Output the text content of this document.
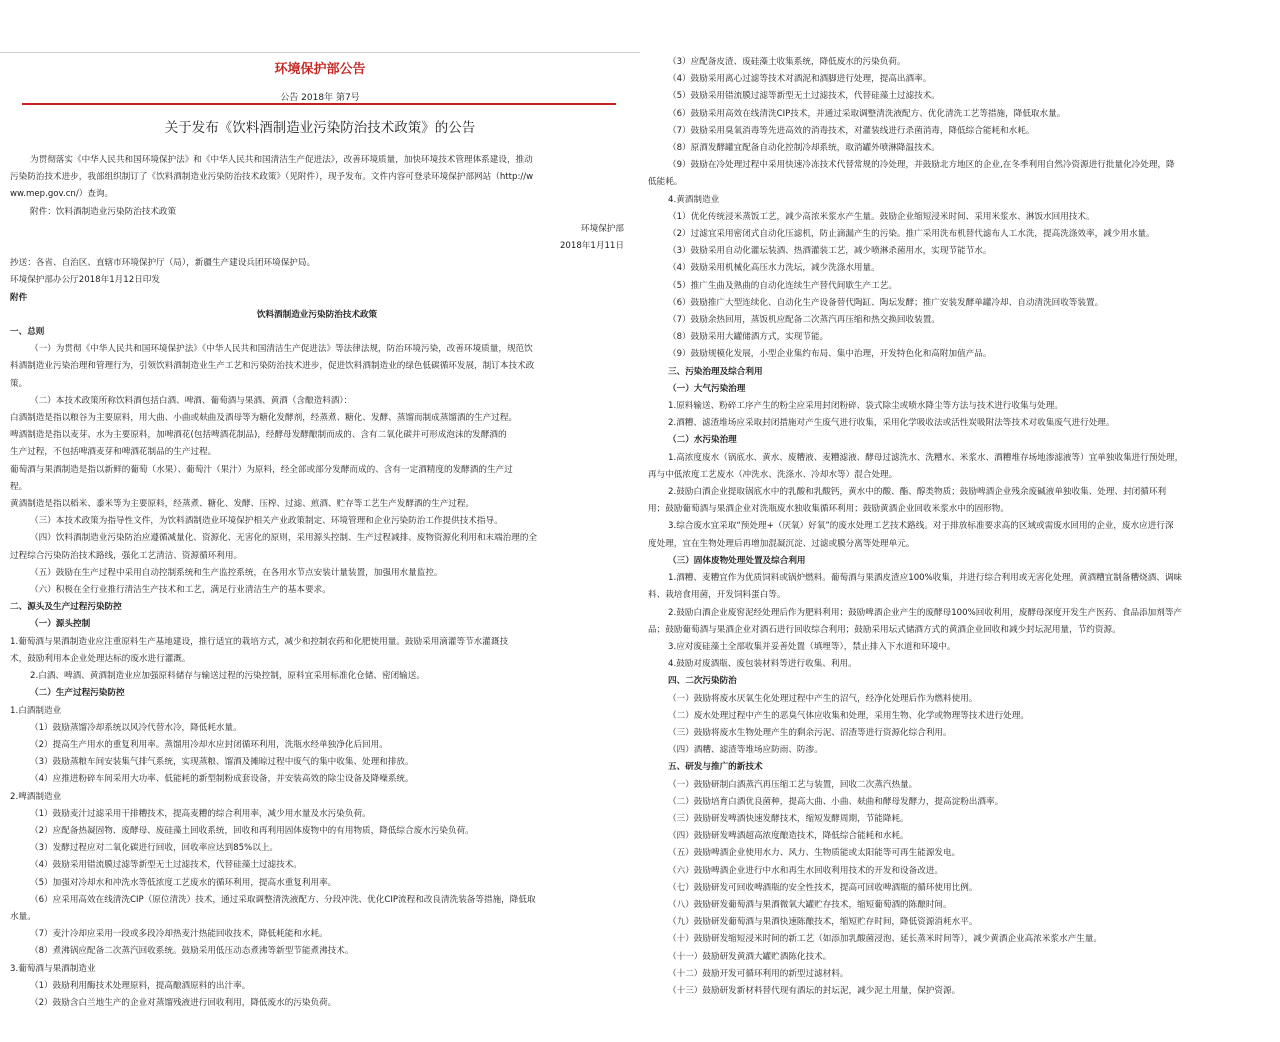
环境保护部公告
公告 2018年 第7号
关于发布《饮料酒制造业污染防治技术政策》的公告

为贯彻落实《中华人民共和国环境保护法》和《中华人民共和国清洁生产促进法》，改善环境质量，加快环境技术管理体系建设，推动

污染防治技术进步，我部组织制订了《饮料酒制造业污染防治技术政策》（见附件），现予发布。文件内容可登录环境保护部网站（http://w

ww.mep.gov.cn/）查询。

附件：饮料酒制造业污染防治技术政策

环境保护部

2018年1月11日

抄送：各省、自治区、直辖市环境保护厅（局），新疆生产建设兵团环境保护局。

环境保护部办公厅2018年1月12日印发

附件

饮料酒制造业污染防治技术政策

一、总则

（一）为贯彻《中华人民共和国环境保护法》《中华人民共和国清洁生产促进法》等法律法规，防治环境污染，改善环境质量，规范饮

料酒制造业污染治理和管理行为，引领饮料酒制造业生产工艺和污染防治技术进步，促进饮料酒制造业的绿色低碳循环发展，制订本技术政

策。

（二）本技术政策所称饮料酒包括白酒、啤酒、葡萄酒与果酒、黄酒（含酿造料酒）：

白酒制造是指以粮谷为主要原料，用大曲、小曲或麸曲及酒母等为糖化发酵剂，经蒸煮、糖化、发酵、蒸馏而制成蒸馏酒的生产过程。

啤酒制造是指以麦芽、水为主要原料，加啤酒花(包括啤酒花制品)，经酵母发酵酿制而成的、含有二氧化碳并可形成泡沫的发酵酒的

生产过程，不包括啤酒麦芽和啤酒花制品的生产过程。

葡萄酒与果酒制造是指以新鲜的葡萄（水果）、葡萄汁（果汁）为原料，经全部或部分发酵而成的、含有一定酒精度的发酵酒的生产过

程。

黄酒制造是指以稻米、黍米等为主要原料，经蒸煮、糖化、发酵、压榨、过滤、煎酒、贮存等工艺生产发酵酒的生产过程。

（三）本技术政策为指导性文件，为饮料酒制造业环境保护相关产业政策制定、环境管理和企业污染防治工作提供技术指导。

（四）饮料酒制造业污染防治应遵循减量化、资源化、无害化的原则，采用源头控制、生产过程减排、废物资源化利用和末端治理的全

过程综合污染防治技术路线，强化工艺清洁、资源循环利用。

（五）鼓励在生产过程中采用自动控制系统和生产监控系统，在各用水节点安装计量装置，加强用水量监控。

（六）积极在全行业推行清洁生产技术和工艺，满足行业清洁生产的基本要求。

二、源头及生产过程污染防控

（一）源头控制

1.葡萄酒与果酒制造业应注重原料生产基地建设，推行适宜的栽培方式，减少和控制农药和化肥使用量。鼓励采用滴灌等节水灌溉技

术，鼓励利用本企业处理达标的废水进行灌溉。

2.白酒、啤酒、黄酒制造业应加强原料储存与输送过程的污染控制，原料宜采用标准化仓储、密闭输送。

（二）生产过程污染防控

1.白酒制造业

（1）鼓励蒸馏冷却系统以风冷代替水冷，降低耗水量。

（2）提高生产用水的重复利用率。蒸馏用冷却水应封闭循环利用，洗瓶水经单独净化后回用。

（3）鼓励蒸粮车间安装集气排气系统，实现蒸粮、馏酒及摊晾过程中废气的集中收集、处理和排放。

（4）应推进粉碎车间采用大功率、低能耗的新型制粉成套设备，并安装高效的除尘设备及降噪系统。

2.啤酒制造业

（1）鼓励麦汁过滤采用干排糟技术，提高麦糟的综合利用率，减少用水量及水污染负荷。

（2）应配备热凝固物、废酵母、废硅藻土回收系统，回收和再利用固体废物中的有用物质，降低综合废水污染负荷。

（3）发酵过程应对二氧化碳进行回收，回收率应达到85%以上。

（4）鼓励采用错流膜过滤等新型无土过滤技术，代替硅藻土过滤技术。

（5）加强对冷却水和冲洗水等低浓度工艺废水的循环利用，提高水重复利用率。

（6）应采用高效在线清洗CIP（原位清洗）技术，通过采取调整清洗液配方、分段冲洗、优化CIP流程和改良清洗装备等措施，降低取

水量。

（7）麦汁冷却应采用一段或多段冷却热麦汁热能回收技术，降低耗能和水耗。

（8）煮沸锅应配备二次蒸汽回收系统。鼓励采用低压动态煮沸等新型节能煮沸技术。

3.葡萄酒与果酒制造业

（1）鼓励利用酶技术处理原料，提高酿酒原料的出汁率。

（2）鼓励含白兰地生产的企业对蒸馏残液进行回收利用，降低废水的污染负荷。

（3）应配备皮渣、废硅藻土收集系统，降低废水的污染负荷。

（4）鼓励采用离心过滤等技术对酒泥和酒脚进行处理，提高出酒率。

（5）鼓励采用错流膜过滤等新型无土过滤技术，代替硅藻土过滤技术。

（6）鼓励采用高效在线清洗CIP技术，并通过采取调整清洗液配方、优化清洗工艺等措施，降低取水量。

（7）鼓励采用臭氧消毒等先进高效的消毒技术，对灌装线进行杀菌消毒，降低综合能耗和水耗。

（8）原酒发酵罐宜配备自动化控制冷却系统，取消罐外喷淋降温技术。

（9）鼓励在冷处理过程中采用快速冷冻技术代替常规的冷处理，并鼓励北方地区的企业,在冬季利用自然冷资源进行批量化冷处理，降

低能耗。

4.黄酒制造业

（1）优化传统浸米蒸饭工艺，减少高浓米浆水产生量。鼓励企业缩短浸米时间、采用米浆水、淋饭水回用技术。

（2）过滤宜采用密闭式自动化压滤机，防止滴漏产生的污染。推广采用洗布机替代滤布人工水洗，提高洗涤效率，减少用水量。

（3）鼓励采用自动化灌坛装酒、热酒灌装工艺，减少喷淋杀菌用水，实现节能节水。

（4）鼓励采用机械化高压水力洗坛，减少洗涤水用量。

（5）推广生曲及熟曲的自动化连续生产替代间歇生产工艺。

（6）鼓励推广大型连续化、自动化生产设备替代陶缸、陶坛发酵；推广安装发酵单罐冷却、自动清洗回收等装置。

（7）鼓励余热回用，蒸饭机应配备二次蒸汽再压缩和热交换回收装置。

（8）鼓励采用大罐储酒方式，实现节能。

（9）鼓励规模化发展，小型企业集约布局、集中治理，开发特色化和高附加值产品。

三、污染治理及综合利用

（一）大气污染治理

1.原料输送、粉碎工序产生的粉尘应采用封闭粉碎、袋式除尘或喷水降尘等方法与技术进行收集与处理。

2.酒糟、滤渣堆场应采取封闭措施对产生废气进行收集，采用化学吸收法或活性炭吸附法等技术对收集废气进行处理。

（二）水污染治理

1.高浓度废水（锅底水、黄水、废糟液、麦糟滤液、酵母过滤洗水、洗糟水、米浆水、酒糟堆存场地渗滤液等）宜单独收集进行预处理，

再与中低浓度工艺废水（冲洗水、洗涤水、冷却水等）混合处理。

2.鼓励白酒企业提取锅底水中的乳酸和乳酸钙，黄水中的酸、酯、醇类物质；鼓励啤酒企业残余废碱液单独收集、处理、封闭循环利

用；鼓励葡萄酒与果酒企业对洗瓶废水独收集循环利用；鼓励黄酒企业回收米浆水中的固形物。

3.综合废水宜采取“预处理+（厌氧）好氧”的废水处理工艺技术路线。对于排放标准要求高的区域或需废水回用的企业，废水应进行深

度处理，宜在生物处理后再增加混凝沉淀、过滤或膜分离等处理单元。

（三）固体废物处理处置及综合利用

1.酒糟、麦糟宜作为优质饲料或锅炉燃料。葡萄酒与果酒皮渣应100%收集，并进行综合利用或无害化处理。黄酒糟宜制备糟烧酒、调味

料、栽培食用菌，开发饲料蛋白等。

2.鼓励白酒企业废窖泥经处理后作为肥料利用；鼓励啤酒企业产生的废酵母100%回收利用，废酵母深度开发生产医药、食品添加剂等产

品；鼓励葡萄酒与果酒企业对酒石进行回收综合利用；鼓励采用坛式储酒方式的黄酒企业回收和减少封坛泥用量，节约资源。

3.应对废硅藻土全部收集并妥善处置（填埋等），禁止排入下水道和环境中。

4.鼓励对废酒瓶、废包装材料等进行收集、利用。

四、二次污染防治

（一）鼓励将废水厌氧生化处理过程中产生的沼气，经净化处理后作为燃料使用。

（二）废水处理过程中产生的恶臭气体应收集和处理，采用生物、化学或物理等技术进行处理。

（三）鼓励将废水生物处理产生的剩余污泥、沼渣等进行资源化综合利用。

（四）酒糟、滤渣等堆场应防雨、防渗。

五、研发与推广的新技术

（一）鼓励研制白酒蒸汽再压缩工艺与装置，回收二次蒸汽热量。

（二）鼓励培育白酒优良菌种，提高大曲、小曲、麸曲和酵母发酵力，提高淀粉出酒率。

（三）鼓励研发啤酒快速发酵技术，缩短发酵周期，节能降耗。

（四）鼓励研发啤酒超高浓度酿造技术，降低综合能耗和水耗。

（五）鼓励啤酒企业使用水力、风力、生物质能或太阳能等可再生能源发电。

（六）鼓励啤酒企业进行中水和再生水回收利用技术的开发和设备改进。

（七）鼓励研发可回收啤酒瓶的安全性技术，提高可回收啤酒瓶的循环使用比例。

（八）鼓励研发葡萄酒与果酒微氧大罐贮存技术，缩短葡萄酒的陈酿时间。

（九）鼓励研发葡萄酒与果酒快速陈酿技术，缩短贮存时间，降低资源消耗水平。

（十）鼓励研发缩短浸米时间的新工艺（如添加乳酸菌浸泡、延长蒸米时间等），减少黄酒企业高浓米浆水产生量。

（十一）鼓励研发黄酒大罐贮酒陈化技术。

（十二）鼓励开发可循环利用的新型过滤材料。

（十三）鼓励研发新材料替代现有酒坛的封坛泥，减少泥土用量，保护资源。
